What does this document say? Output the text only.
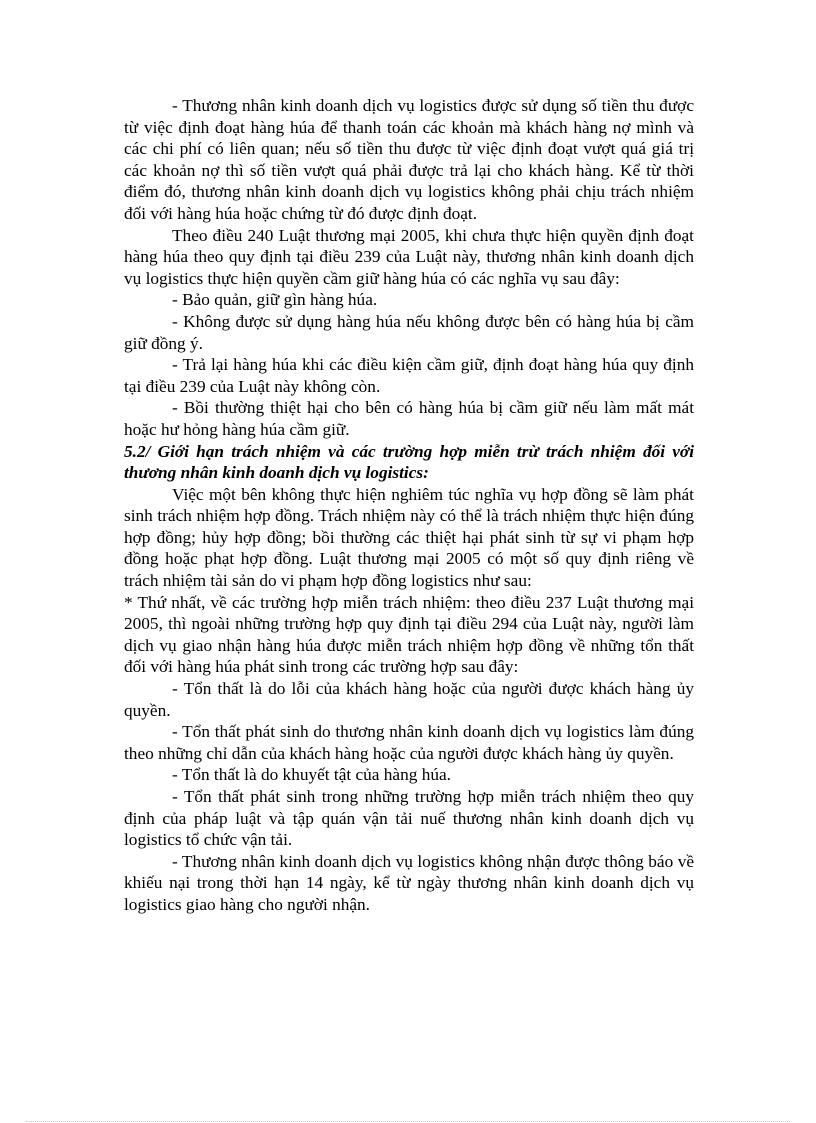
- Thương nhân kinh doanh dịch vụ logistics được sử dụng số tiền thu được từ việc định đoạt hàng húa để thanh toán các khoản mà khách hàng nợ mình và các chi phí có liên quan; nếu số tiền thu được từ việc định đoạt vượt quá giá trị các khoản nợ thì số tiền vượt quá phải được trả lại cho khách hàng. Kể từ thời điểm đó, thương nhân kinh doanh dịch vụ logistics không phải chịu trách nhiệm đối với hàng húa hoặc chứng từ đó được định đoạt.

Theo điều 240 Luật thương mại 2005, khi chưa thực hiện quyền định đoạt hàng húa theo quy định tại điều 239 của Luật này, thương nhân kinh doanh dịch vụ logistics thực hiện quyền cầm giữ hàng húa có các nghĩa vụ sau đây:

- Bảo quản, giữ gìn hàng húa.

- Không được sử dụng hàng húa nếu không được bên có hàng húa bị cầm giữ đồng ý.

- Trả lại hàng húa khi các điều kiện cầm giữ, định đoạt hàng húa quy định tại điều 239 của Luật này không còn.

- Bồi thường thiệt hại cho bên có hàng húa bị cầm giữ nếu làm mất mát hoặc hư hỏng hàng húa cầm giữ.

5.2/ Giới hạn trách nhiệm và các trường hợp miễn trừ trách nhiệm đối với thương nhân kinh doanh dịch vụ logistics:

Việc một bên không thực hiện nghiêm túc nghĩa vụ hợp đồng sẽ làm phát sinh trách nhiệm hợp đồng. Trách nhiệm này có thể là trách nhiệm thực hiện đúng hợp đồng; hủy hợp đồng; bồi thường các thiệt hại phát sinh từ sự vi phạm hợp đồng hoặc phạt hợp đồng. Luật thương mại 2005 có một số quy định riêng về trách nhiệm tài sản do vi phạm hợp đồng logistics như sau:

* Thứ nhất, về các trường hợp miễn trách nhiệm: theo điều 237 Luật thương mại 2005, thì ngoài những trường hợp quy định tại điều 294 của Luật này, người làm dịch vụ giao nhận hàng húa được miễn trách nhiệm hợp đồng về những tổn thất đối với hàng húa phát sinh trong các trường hợp sau đây:

- Tổn thất là do lỗi của khách hàng hoặc của người được khách hàng ủy quyền.

- Tổn thất phát sinh do thương nhân kinh doanh dịch vụ logistics làm đúng theo những chỉ dẫn của khách hàng hoặc của người được khách hàng ủy quyền.

- Tổn thất là do khuyết tật của hàng húa.

- Tổn thất phát sinh trong những trường hợp miễn trách nhiệm theo quy định của pháp luật và tập quán vận tải nuế thương nhân kinh doanh dịch vụ logistics tổ chức vận tải.

- Thương nhân kinh doanh dịch vụ logistics không nhận được thông báo về khiếu nại trong thời hạn 14 ngày, kể từ ngày thương nhân kinh doanh dịch vụ logistics giao hàng cho người nhận.
